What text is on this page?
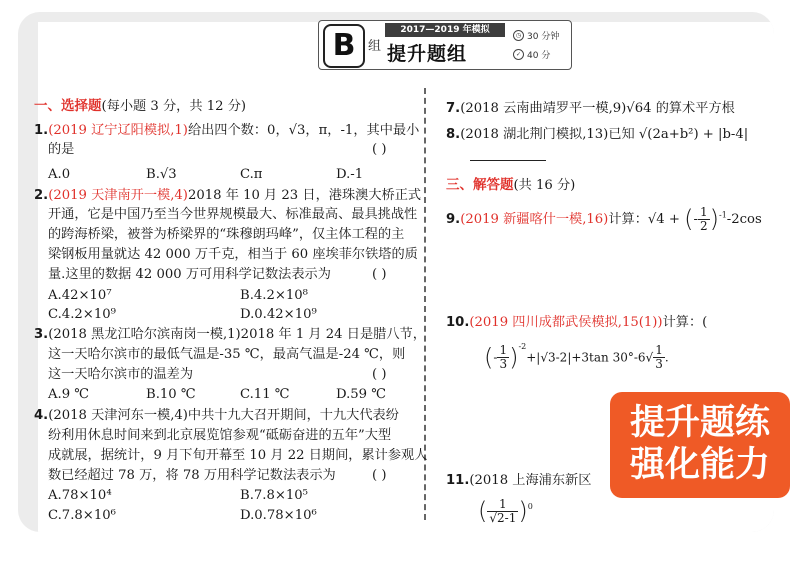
B 组
2017—2019 年模拟
提升题组
◷ 30 分钟
✓ 40 分
一、选择题(每小题 3 分，共 12 分)
1.(2019 辽宁辽阳模拟,1)给出四个数：0，√3，π，-1，其中最小
的是	( )
A.0	B.√3	C.π	D.-1
2.(2019 天津南开一模,4)2018 年 10 月 23 日，港珠澳大桥正式
开通，它是中国乃至当今世界规模最大、标准最高、最具挑战性
的跨海桥梁，被誉为桥梁界的“珠穆朗玛峰”，仅主体工程的主
梁钢板用量就达 42 000 万千克，相当于 60 座埃菲尔铁塔的质
量.这里的数据 42 000 万可用科学记数法表示为	( )
A.42×10⁷	B.4.2×10⁸
C.4.2×10⁹	D.0.42×10⁹
3.(2018 黑龙江哈尔滨南岗一模,1)2018 年 1 月 24 日是腊八节，
这一天哈尔滨市的最低气温是-35 ℃，最高气温是-24 ℃，则
这一天哈尔滨市的温差为	( )
A.9 ℃	B.10 ℃	C.11 ℃	D.59 ℃
4.(2018 天津河东一模,4)中共十九大召开期间，十九大代表纷
纷利用休息时间来到北京展览馆参观“砥砺奋进的五年”大型
成就展，据统计，9 月下旬开幕至 10 月 22 日期间，累计参观人
数已经超过 78 万，将 78 万用科学记数法表示为	( )
A.78×10⁴	B.7.8×10⁵
C.7.8×10⁶	D.0.78×10⁶
7.(2018 云南曲靖罗平一模,9)√64 的算术平方根
8.(2018 湖北荆门模拟,13)已知 √(2a+b²) + |b-4|
三、解答题(共 16 分)
9.(2019 新疆喀什一模,16)计算：√4 + (- $\frac{1}{2} )^{-1}-2\cos$
10.(2019 四川成都武侯模拟,15(1))计算：(
(- $\frac{1}{3} )^{-2}+|√3-2|+3\tan$ $30^\circ-6√ \frac{1}{3}$ .
11.(2018 上海浦东新区
( $\frac{1}{√2-1} )^0$
提升题练
强化能力
